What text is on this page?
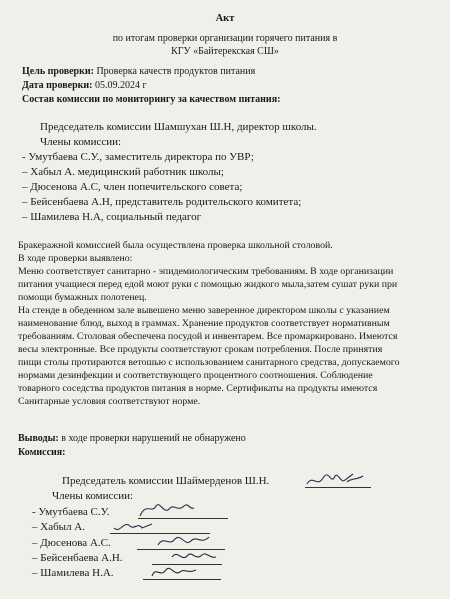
Акт
по итогам проверки организации горячего питания в
КГУ «Байтерекская СШ»
Цель проверки: Проверка качеств продуктов питания
Дата проверки: 05.09.2024 г
Состав комиссии по мониторингу за качеством питания:
Председатель комиссии Шамшухан Ш.Н, директор школы.
Члены комиссии:
- Умутбаева С.У., заместитель директора по УВР;
– Хабыл А. медицинский работник школы;
– Дюсенова А.С, член попечительского совета;
– Бейсенбаева А.Н, представитель родительского комитета;
– Шамилева Н.А, социальный педагог
Бракеражной комиссией была осуществлена проверка школьной столовой.
В ходе проверки выявлено:
Меню соответствует санитарно - эпидемиологическим требованиям. В ходе организации
питания учащиеся перед едой моют руки с помощью жидкого мыла,затем сушат руки при
помощи бумажных полотенец.
На стенде в обеденном зале вывешено меню заверенное директором школы с указанием
наименование блюд, выход в граммах. Хранение продуктов соответствует нормативным
требованиям. Столовая обеспечена посудой и инвентарем. Все промаркировано. Имеются
весы электронные. Все продукты соответствуют срокам потребления. После принятия
пищи столы протираются ветошью с использованием санитарного средства, допускаемого
нормами дезинфекции и соответствующего процентного соотношения. Соблюдение
товарного соседства продуктов питания в норме. Сертификаты на продукты имеются
Санитарные условия соответствуют норме.
Выводы: в ходе проверки нарушений не обнаружено
Комиссия:
Председатель комиссии Шаймерденов Ш.Н.
Члены комиссии:
- Умутбаева С.У.
– Хабыл А.
– Дюсенова А.С.
– Бейсенбаева А.Н.
– Шамилева Н.А.
